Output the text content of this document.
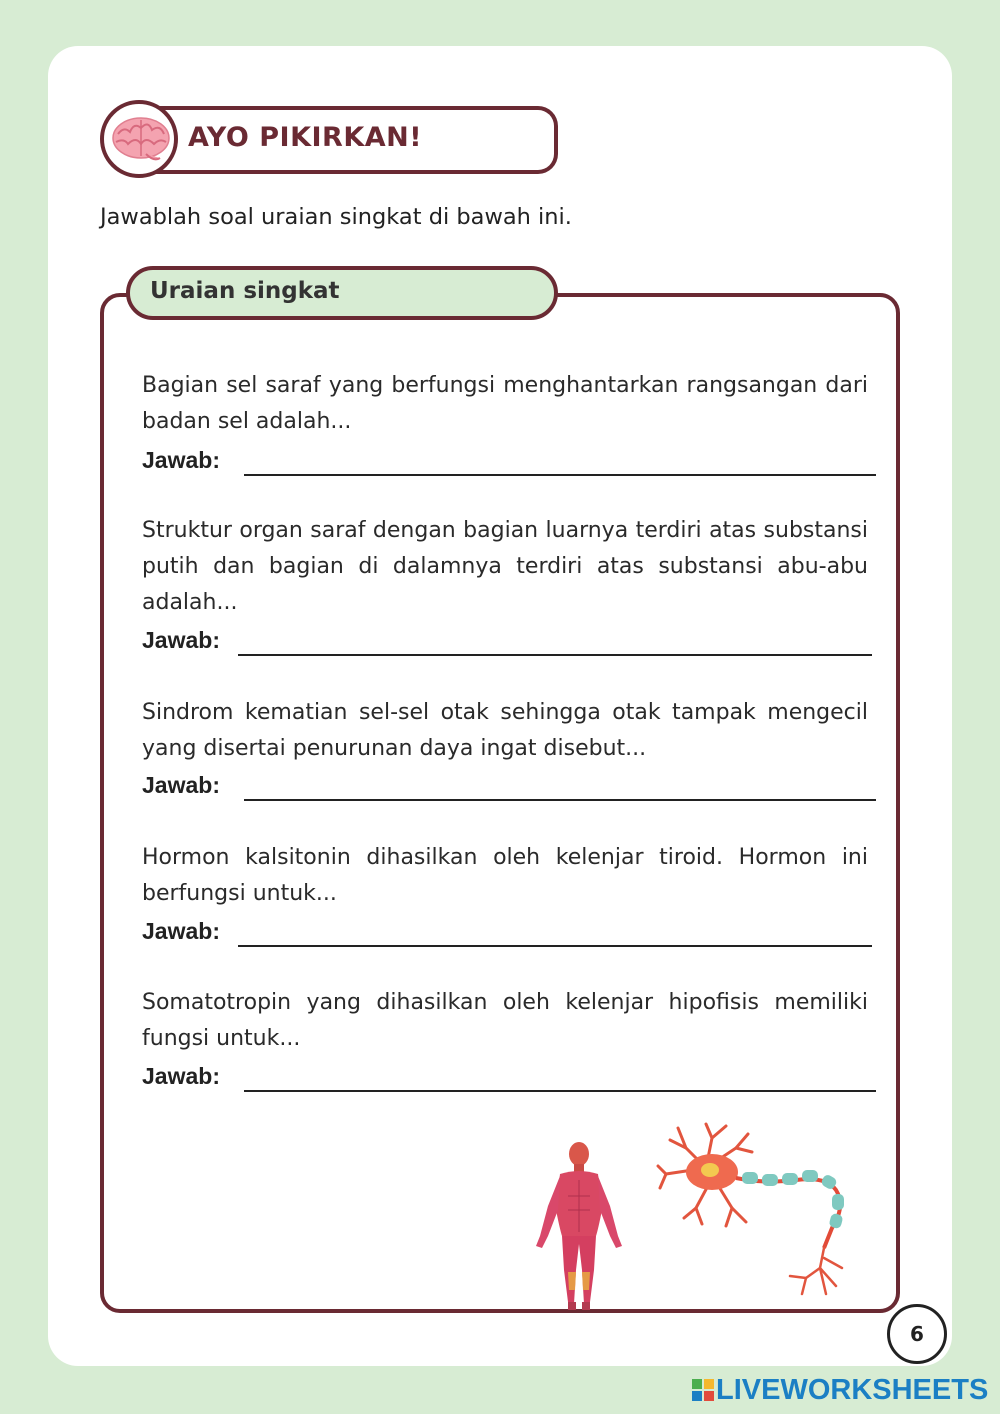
AYO PIKIRKAN!
Jawablah soal uraian singkat di bawah ini.
Uraian singkat
Bagian sel saraf yang berfungsi menghantarkan rangsangan dari badan sel adalah...
Jawab:
Struktur organ saraf dengan bagian luarnya terdiri atas substansi putih dan bagian di dalamnya terdiri atas substansi abu-abu adalah...
Jawab:
Sindrom kematian sel-sel otak sehingga otak tampak mengecil yang disertai penurunan daya ingat disebut...
Jawab:
Hormon kalsitonin dihasilkan oleh kelenjar tiroid. Hormon ini berfungsi untuk...
Jawab:
Somatotropin yang dihasilkan oleh kelenjar hipofisis memiliki fungsi untuk...
Jawab:
6
LIVEWORKSHEETS
